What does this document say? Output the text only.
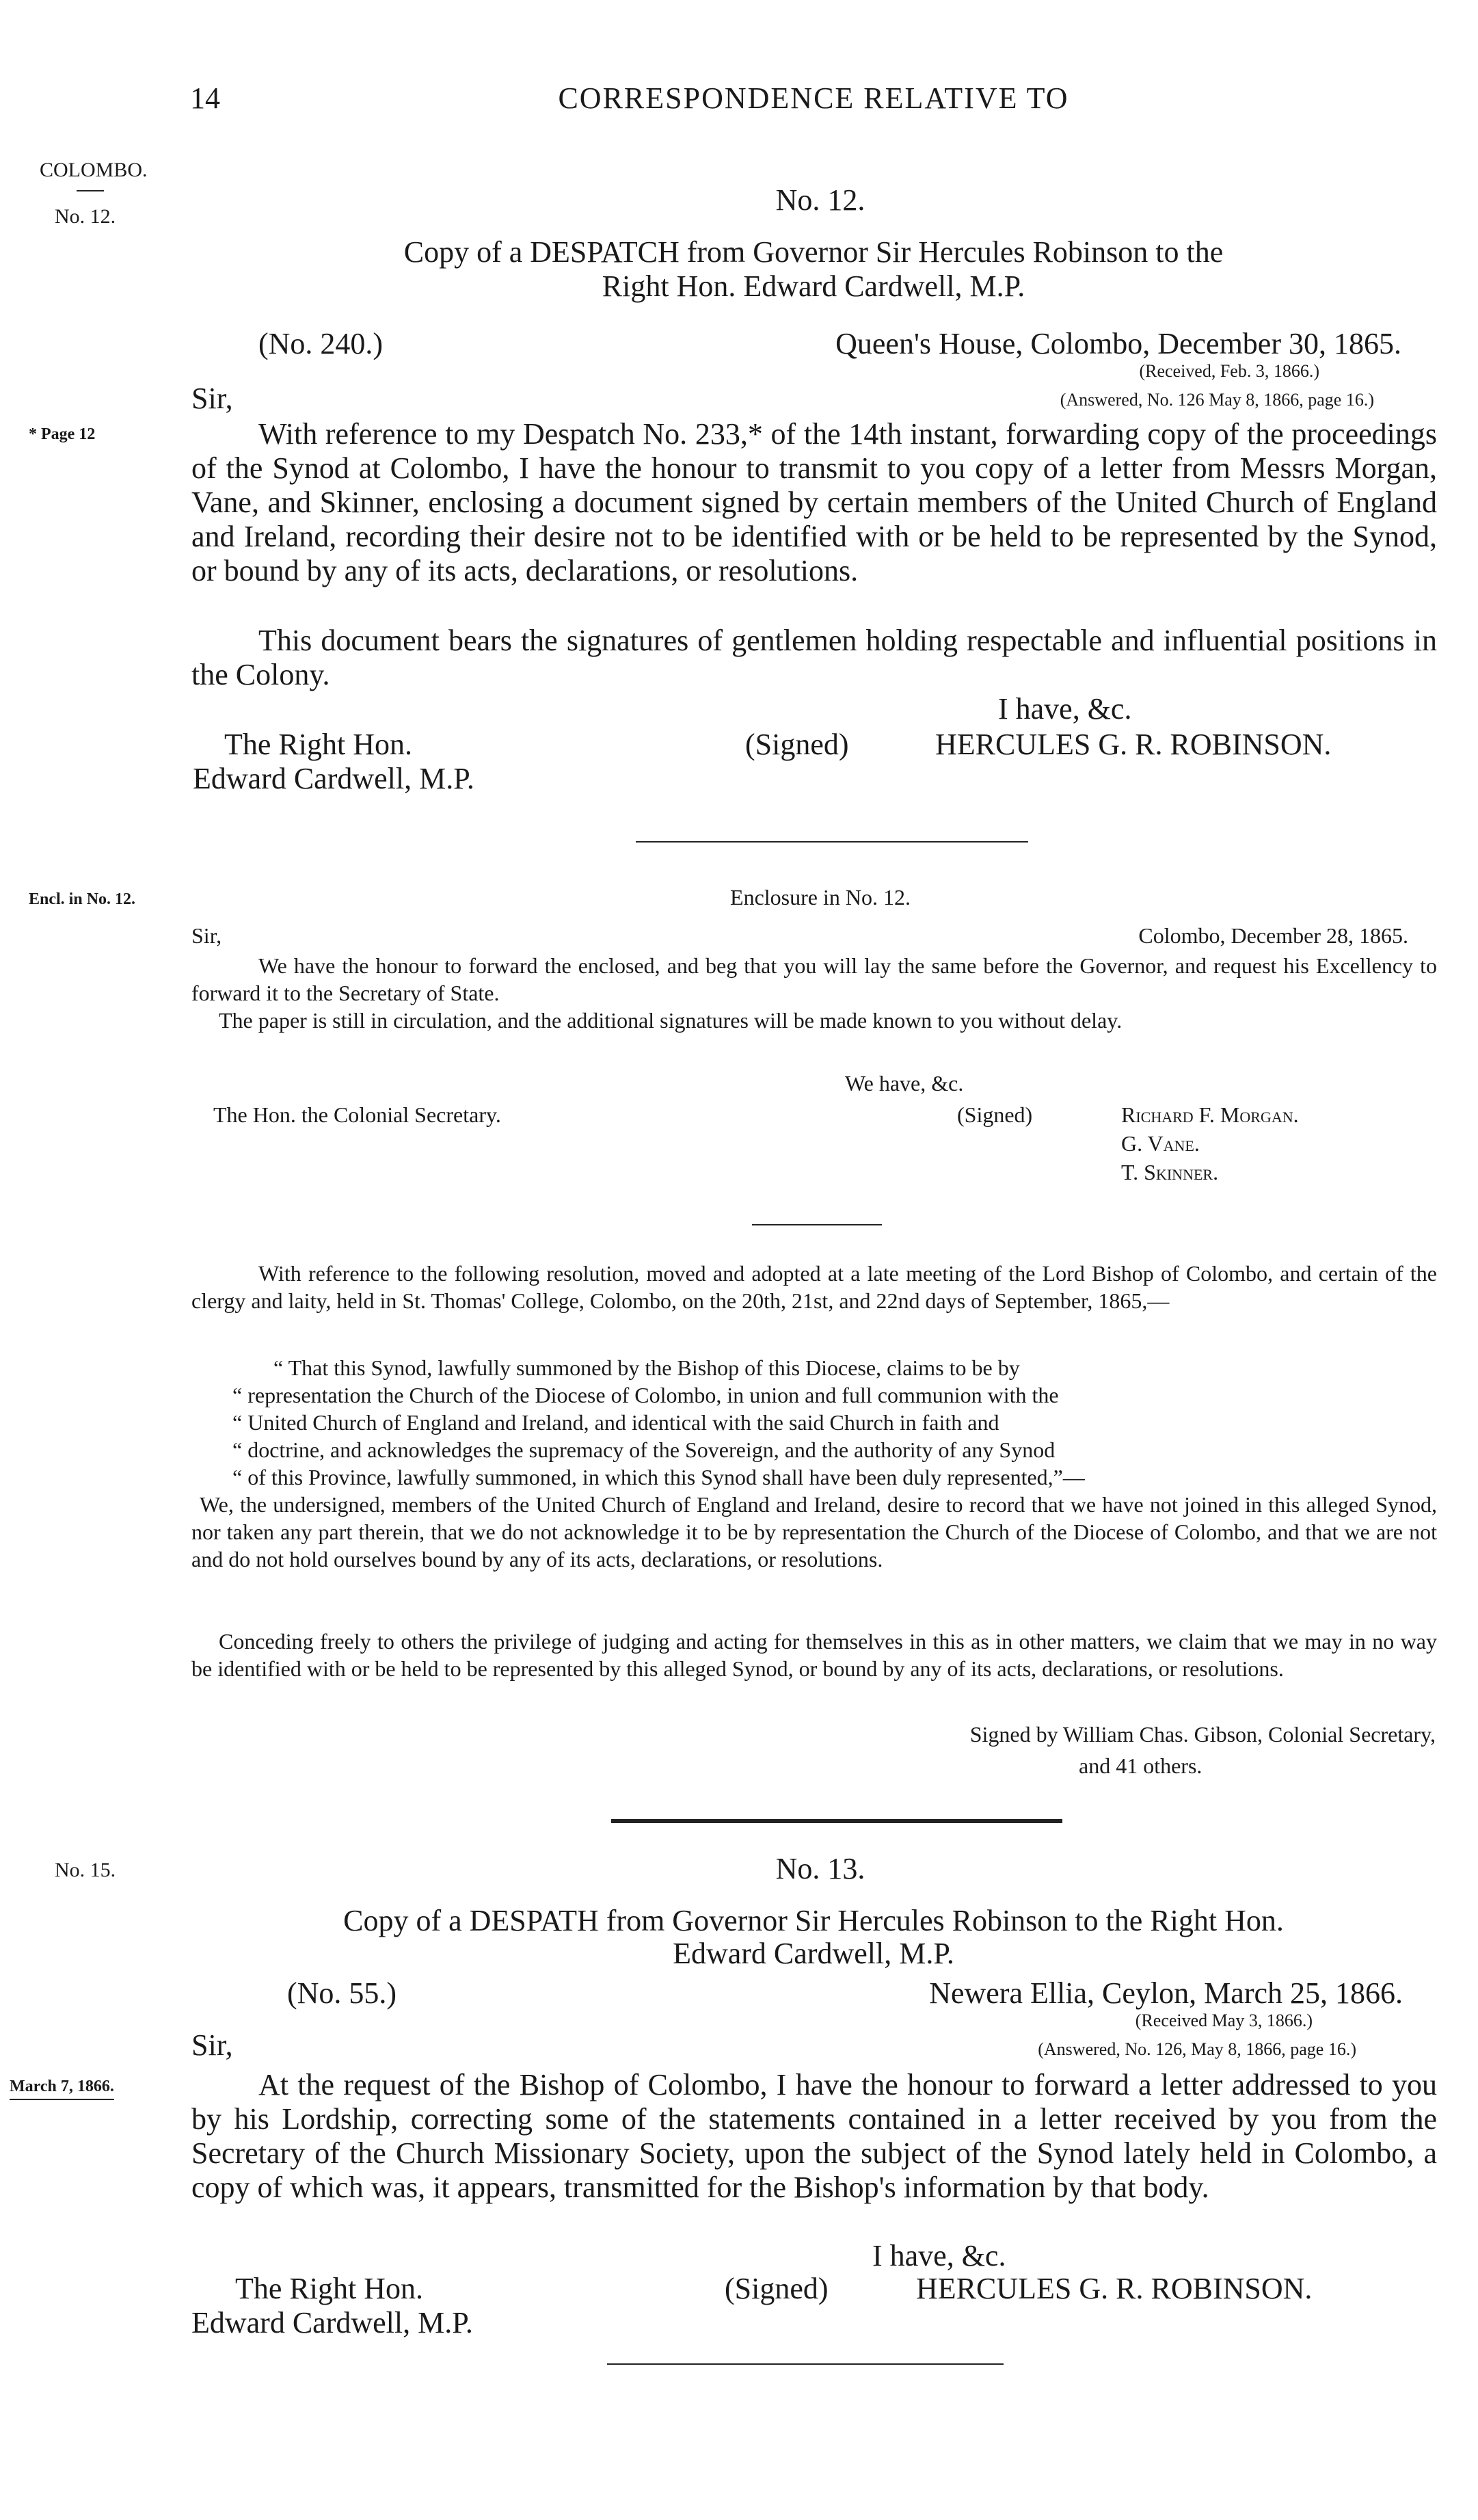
14	CORRESPONDENCE RELATIVE TO
COLOMBO.
No. 12.	No. 12.
Copy of a DESPATCH from Governor Sir Hercules Robinson to the
Right Hon. Edward Cardwell, M.P.
(No. 240.)	Queen's House, Colombo, December 30, 1865.
(Received, Feb. 3, 1866.)
Sir,	(Answered, No. 126 May 8, 1866, page 16.)
* Page 12	With reference to my Despatch No. 233,* of the 14th instant, forwarding copy of the proceedings of the Synod at Colombo, I have the honour to transmit to you copy of a letter from Messrs Morgan, Vane, and Skinner, enclosing a document signed by certain members of the United Church of England and Ireland, recording their desire not to be identified with or be held to be represented by the Synod, or bound by any of its acts, declarations, or resolutions.
This document bears the signatures of gentlemen holding respectable and influential positions in the Colony.
I have, &c.
The Right Hon.	(Signed)	HERCULES G. R. ROBINSON.
Edward Cardwell, M.P.
Encl. in No. 12.	Enclosure in No. 12.
Sir,	Colombo, December 28, 1865.
We have the honour to forward the enclosed, and beg that you will lay the same before the Governor, and request his Excellency to forward it to the Secretary of State.
The paper is still in circulation, and the additional signatures will be made known to you without delay.
We have, &c.
The Hon. the Colonial Secretary.	(Signed)	Richard F. Morgan.
G. Vane.
T. Skinner.
With reference to the following resolution, moved and adopted at a late meeting of the Lord Bishop of Colombo, and certain of the clergy and laity, held in St. Thomas' College, Colombo, on the 20th, 21st, and 22nd days of September, 1865,—
“ That this Synod, lawfully summoned by the Bishop of this Diocese, claims to be by
“ representation the Church of the Diocese of Colombo, in union and full communion with the
“ United Church of England and Ireland, and identical with the said Church in faith and
“ doctrine, and acknowledges the supremacy of the Sovereign, and the authority of any Synod
“ of this Province, lawfully summoned, in which this Synod shall have been duly represented,”—
We, the undersigned, members of the United Church of England and Ireland, desire to record that we have not joined in this alleged Synod, nor taken any part therein, that we do not acknowledge it to be by representation the Church of the Diocese of Colombo, and that we are not and do not hold ourselves bound by any of its acts, declarations, or resolutions.
Conceding freely to others the privilege of judging and acting for themselves in this as in other matters, we claim that we may in no way be identified with or be held to be represented by this alleged Synod, or bound by any of its acts, declarations, or resolutions.
Signed by William Chas. Gibson, Colonial Secretary,
and 41 others.
No. 15.	No. 13.
Copy of a DESPATH from Governor Sir Hercules Robinson to the Right Hon.
Edward Cardwell, M.P.
(No. 55.)	Newera Ellia, Ceylon, March 25, 1866.
(Received May 3, 1866.)
Sir,	(Answered, No. 126, May 8, 1866, page 16.)
March 7, 1866.	At the request of the Bishop of Colombo, I have the honour to forward a letter addressed to you by his Lordship, correcting some of the statements contained in a letter received by you from the Secretary of the Church Missionary Society, upon the subject of the Synod lately held in Colombo, a copy of which was, it appears, transmitted for the Bishop's information by that body.
I have, &c.
The Right Hon.	(Signed)	HERCULES G. R. ROBINSON.
Edward Cardwell, M.P.
